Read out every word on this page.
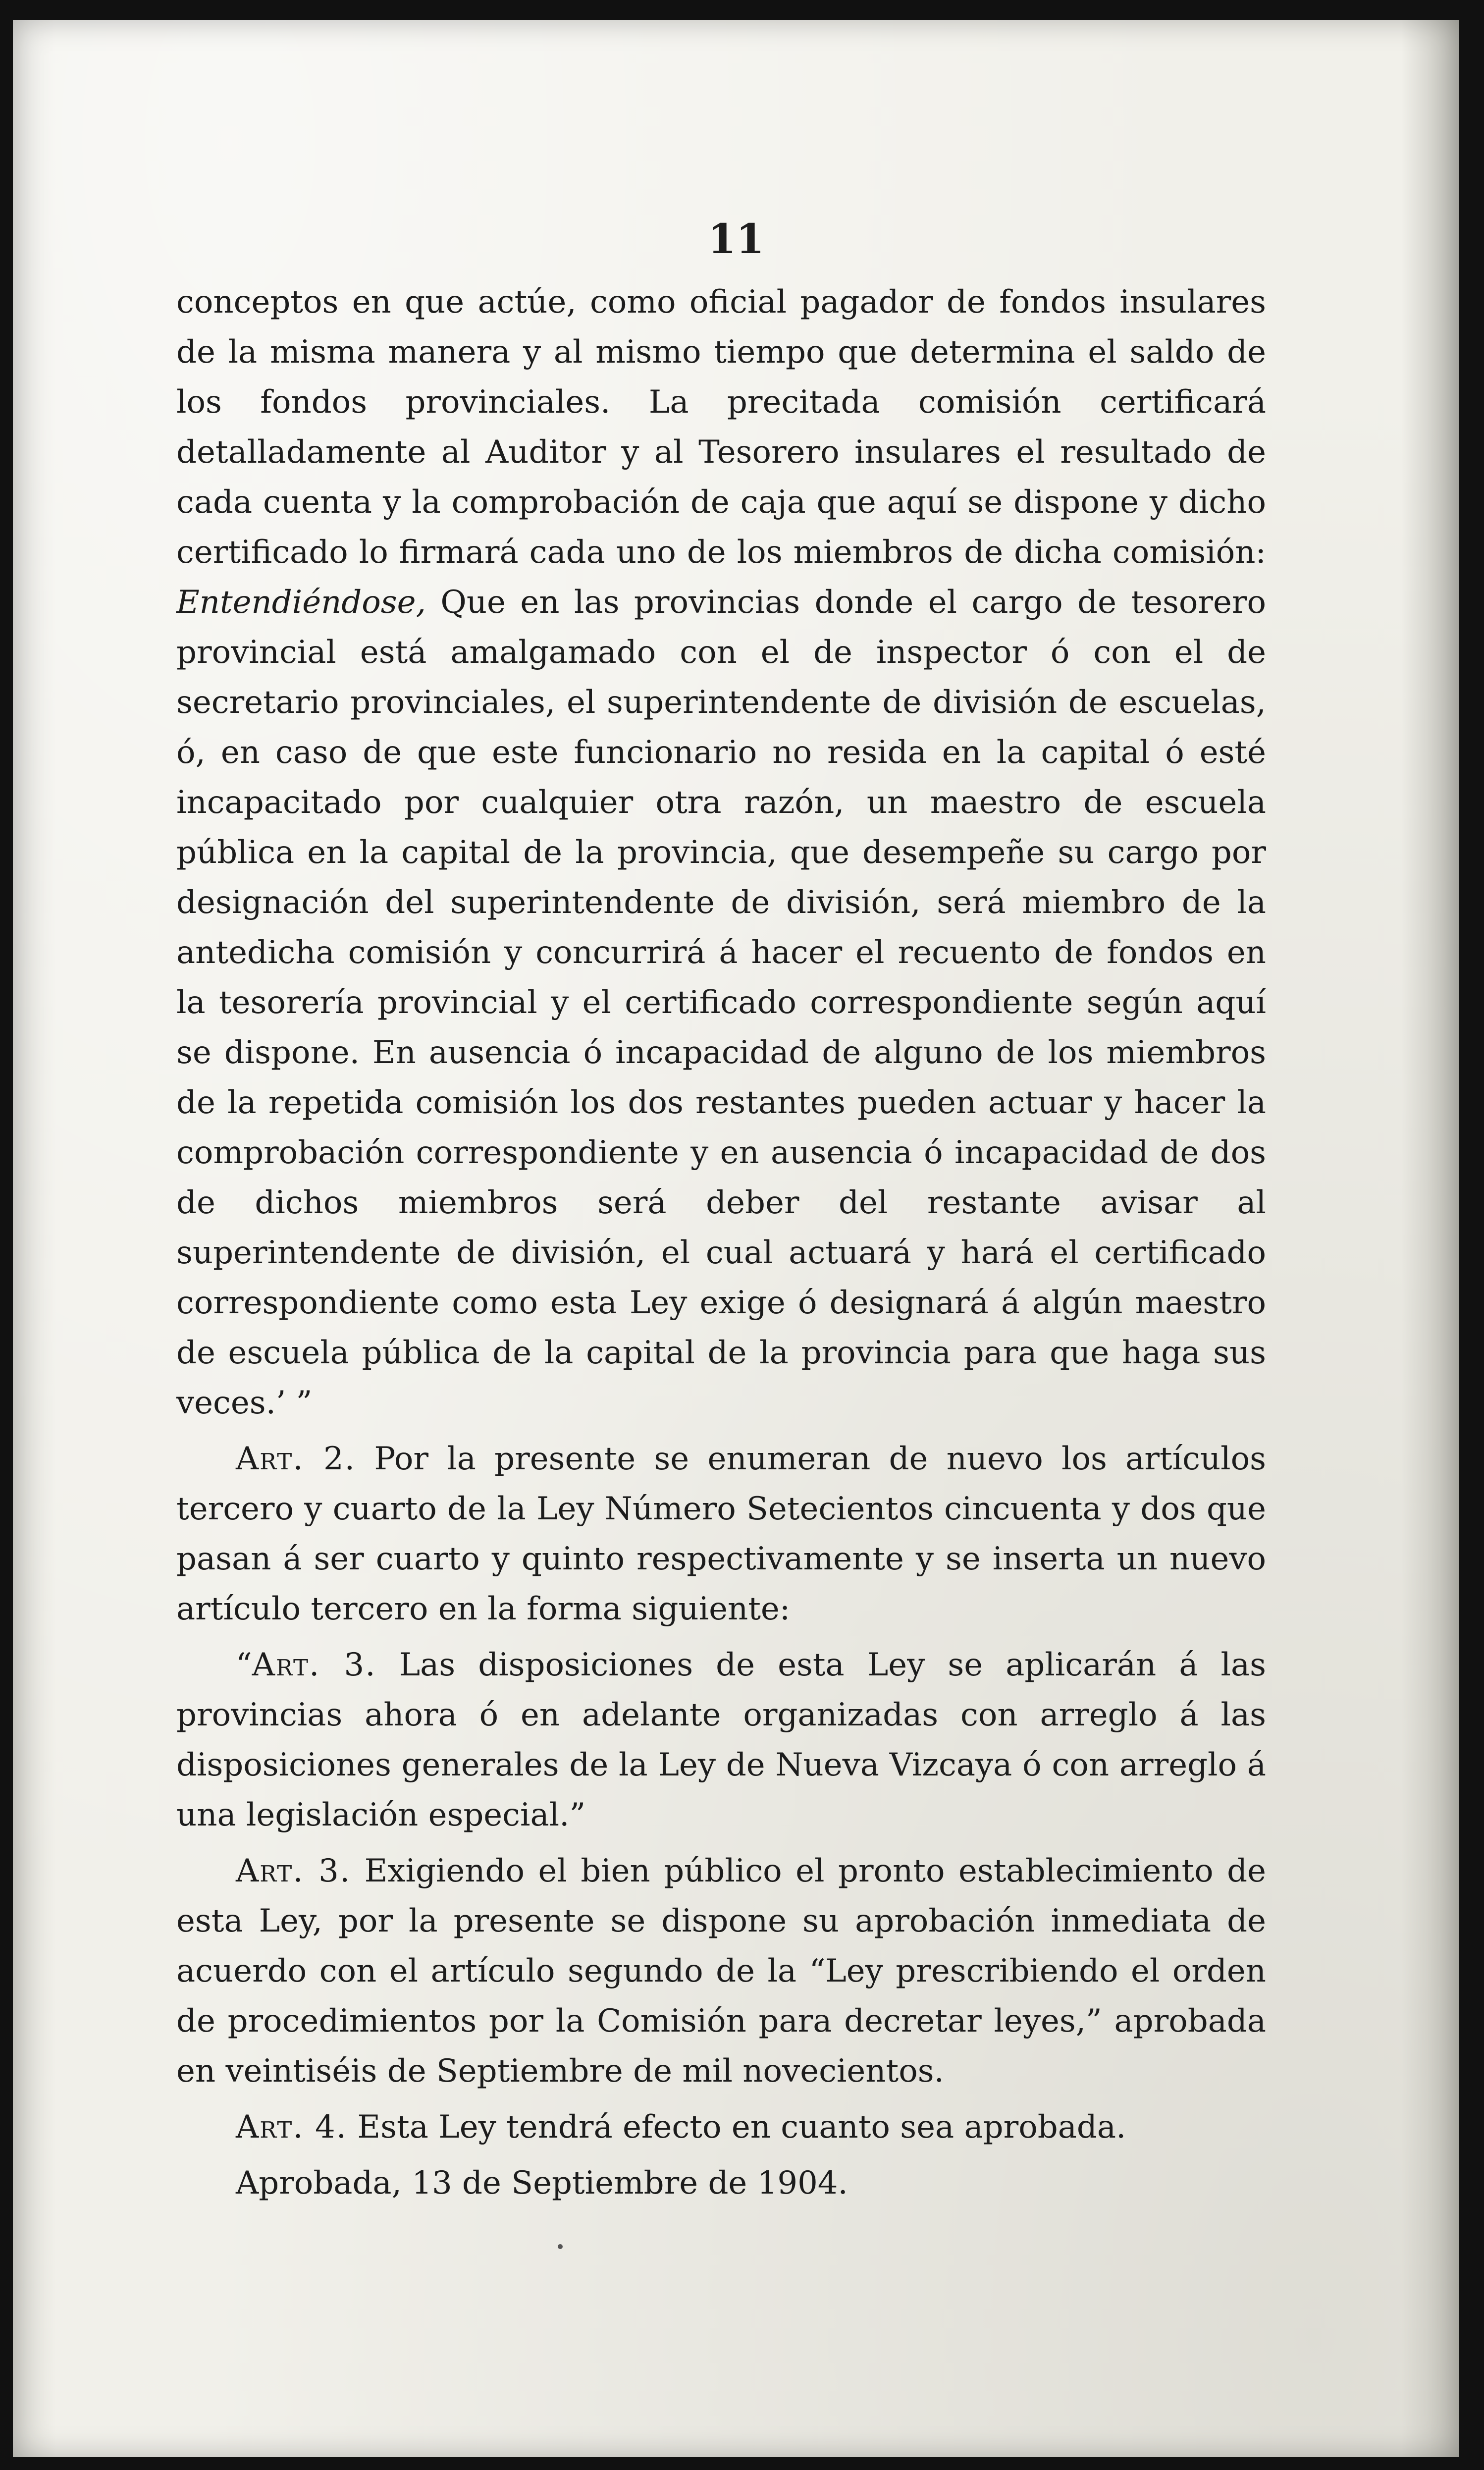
11

conceptos en que actúe, como oficial pagador de fondos insulares de la misma manera y al mismo tiempo que determina el saldo de los fondos provinciales. La precitada comisión certificará detalladamente al Auditor y al Tesorero insulares el resultado de cada cuenta y la comprobación de caja que aquí se dispone y dicho certificado lo firmará cada uno de los miembros de dicha comisión: Entendiéndose, Que en las provincias donde el cargo de tesorero provincial está amalgamado con el de inspector ó con el de secretario provinciales, el superintendente de división de escuelas, ó, en caso de que este funcionario no resida en la capital ó esté incapacitado por cualquier otra razón, un maestro de escuela pública en la capital de la provincia, que desempeñe su cargo por designación del superintendente de división, será miembro de la antedicha comisión y concurrirá á hacer el recuento de fondos en la tesorería provincial y el certificado correspondiente según aquí se dispone. En ausencia ó incapacidad de alguno de los miembros de la repetida comisión los dos restantes pueden actuar y hacer la comprobación correspondiente y en ausencia ó incapacidad de dos de dichos miembros será deber del restante avisar al superintendente de división, el cual actuará y hará el certificado correspondiente como esta Ley exige ó designará á algún maestro de escuela pública de la capital de la provincia para que haga sus veces.’ ”

Art. 2. Por la presente se enumeran de nuevo los artículos tercero y cuarto de la Ley Número Setecientos cincuenta y dos que pasan á ser cuarto y quinto respectivamente y se inserta un nuevo artículo tercero en la forma siguiente:

“Art. 3. Las disposiciones de esta Ley se aplicarán á las provincias ahora ó en adelante organizadas con arreglo á las disposiciones generales de la Ley de Nueva Vizcaya ó con arreglo á una legislación especial.”

Art. 3. Exigiendo el bien público el pronto establecimiento de esta Ley, por la presente se dispone su aprobación inmediata de acuerdo con el artículo segundo de la “Ley prescribiendo el orden de procedimientos por la Comisión para decretar leyes,” aprobada en veintiséis de Septiembre de mil novecientos.

Art. 4. Esta Ley tendrá efecto en cuanto sea aprobada.

Aprobada, 13 de Septiembre de 1904.
